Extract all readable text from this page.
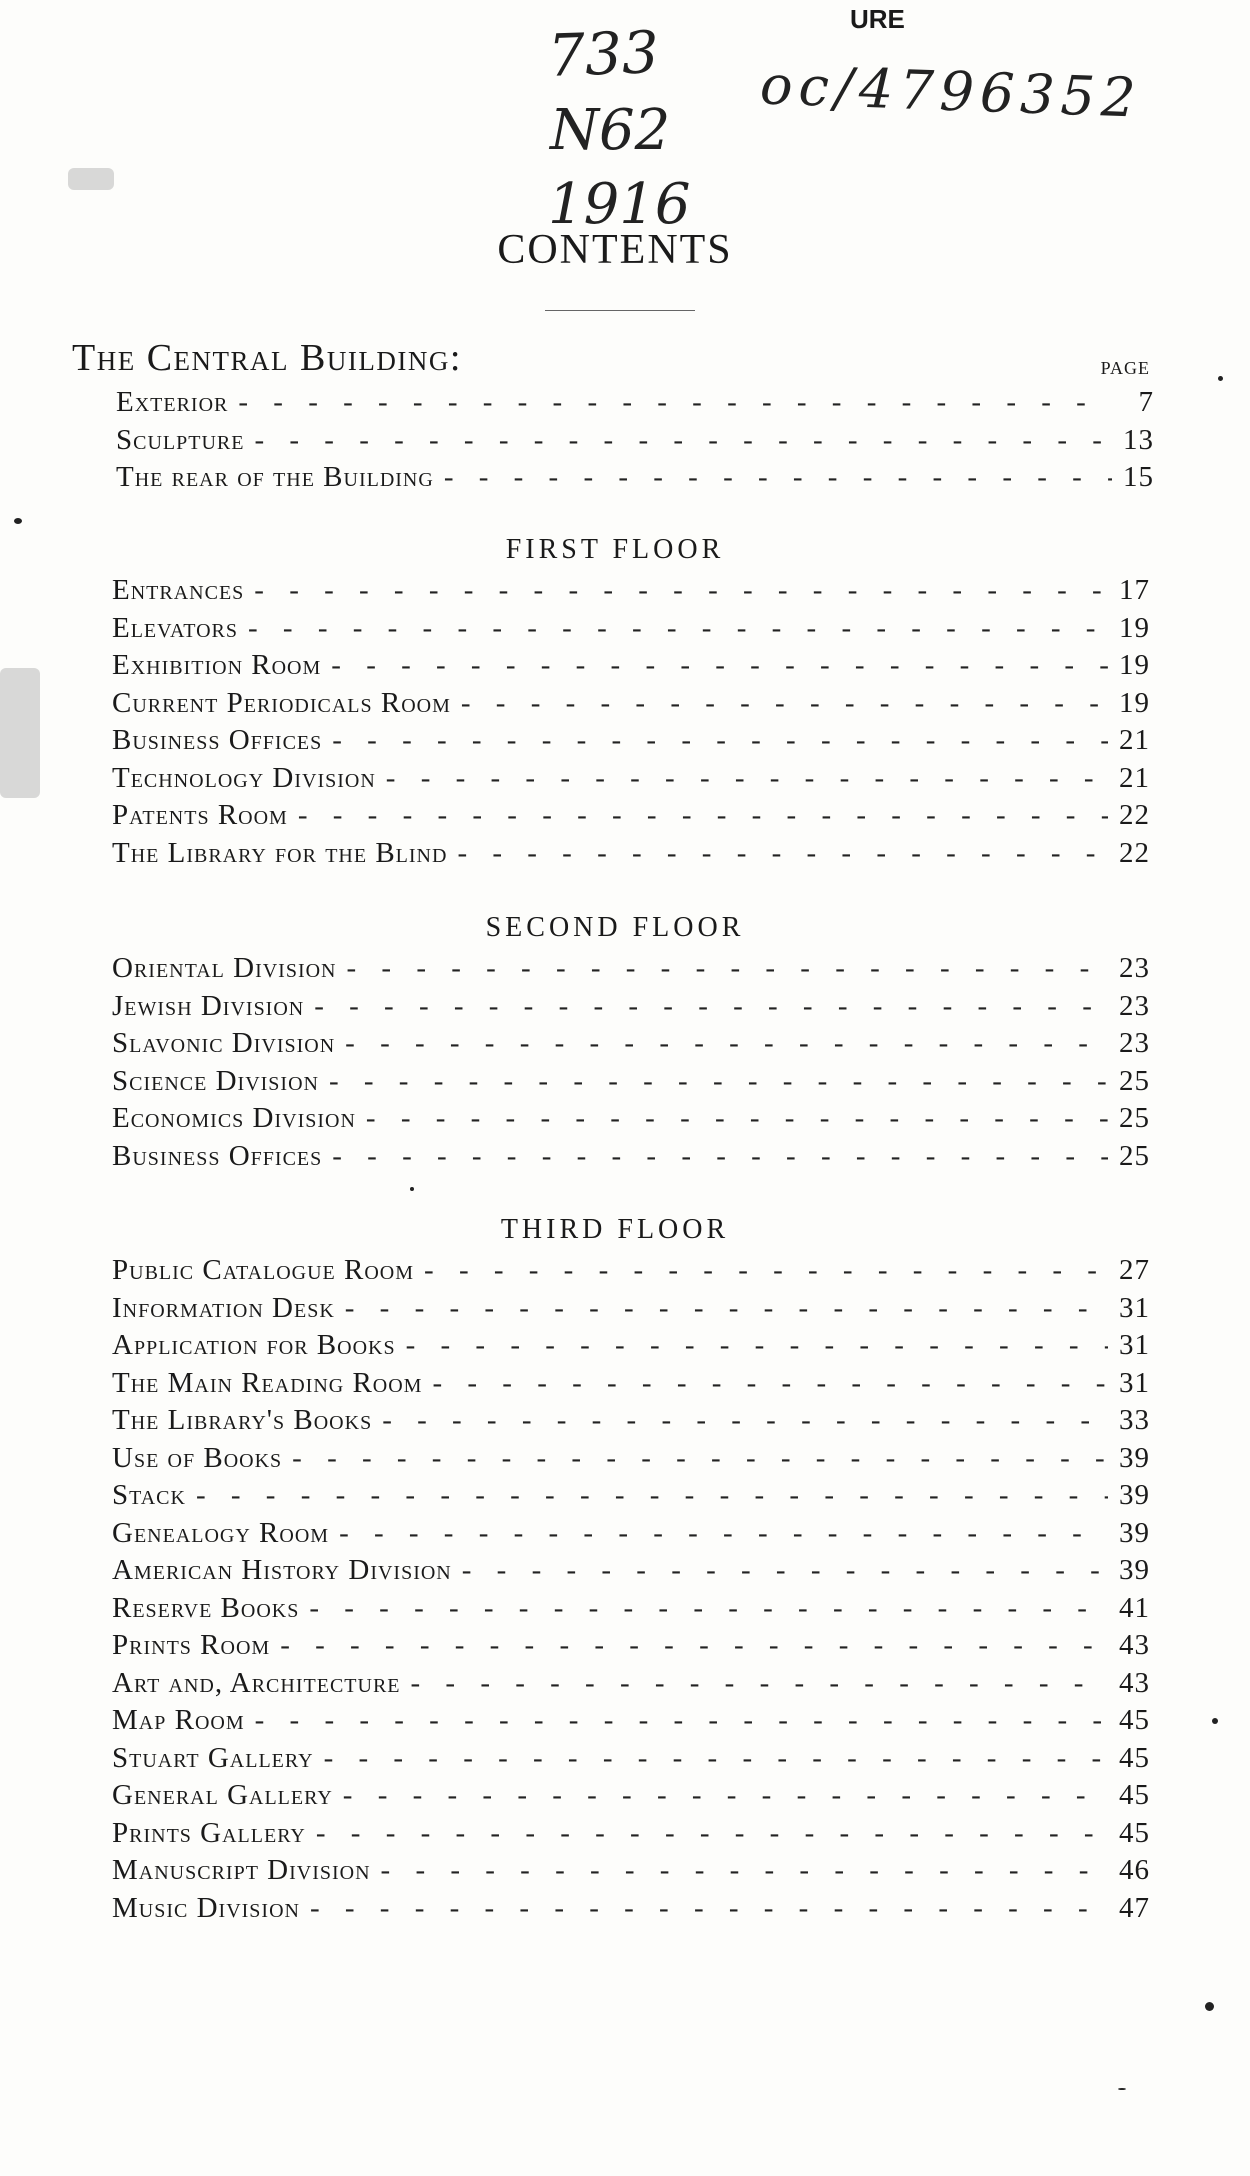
733
N62
1916
oc/4796352
URE
CONTENTS
The Central Building:	PAGE
Exterior - - -	7
Sculpture - - -	13
The rear of the Building - - -	15
FIRST FLOOR
Entrances - - -	17
Elevators - - -	19
Exhibition Room - - -	19
Current Periodicals Room - - -	19
Business Offices - - -	21
Technology Division - - -	21
Patents Room - - -	22
The Library for the Blind - - -	22
SECOND FLOOR
Oriental Division - - -	23
Jewish Division - - -	23
Slavonic Division - - -	23
Science Division - - -	25
Economics Division - - -	25
Business Offices - - -	25
THIRD FLOOR
Public Catalogue Room - - -	27
Information Desk - - -	31
Application for Books - - -	31
The Main Reading Room - - -	31
The Library's Books - - -	33
Use of Books - - -	39
Stack - - -	39
Genealogy Room - - -	39
American History Division - - -	39
Reserve Books - - -	41
Prints Room - - -	43
Art and, Architecture - - -	43
Map Room - - -	45
Stuart Gallery - - -	45
General Gallery - - -	45
Prints Gallery - - -	45
Manuscript Division - - -	46
Music Division - - -	47
